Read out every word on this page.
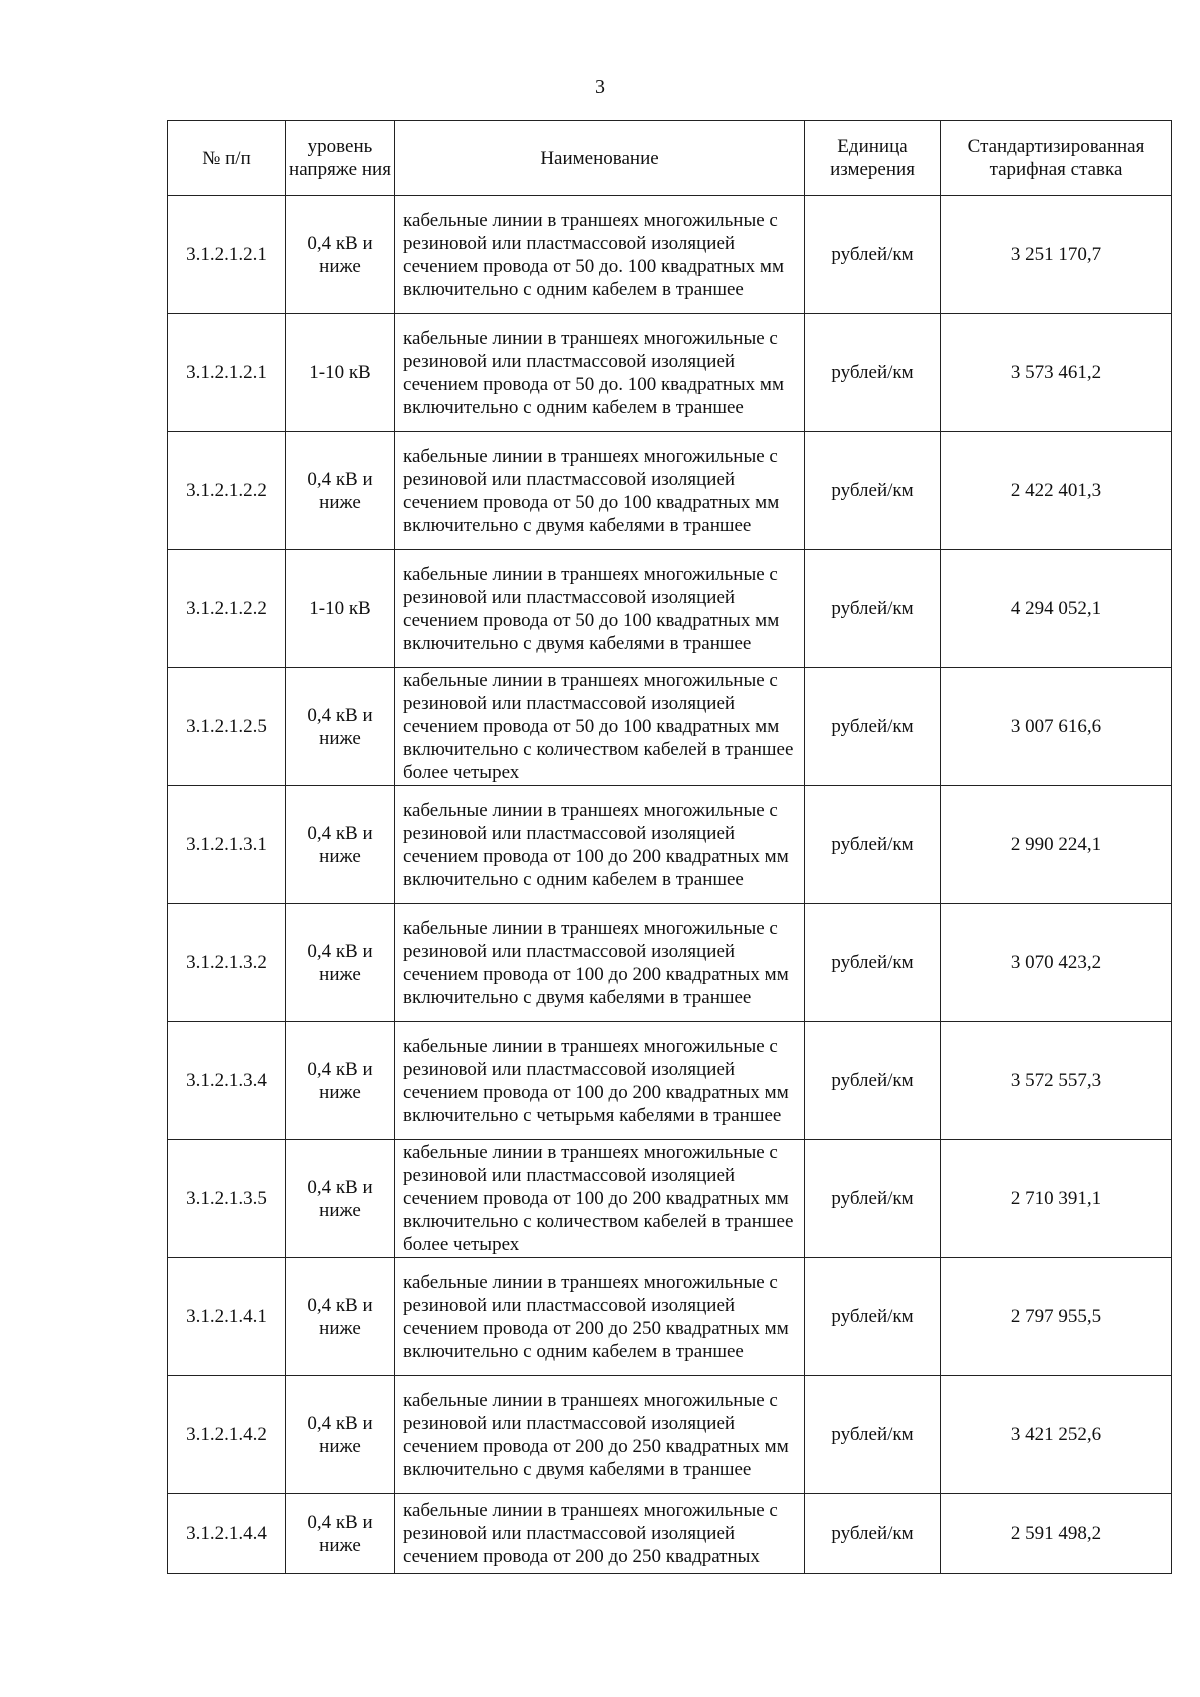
3
№ п/п	уровень напряже ния	Наименование	Единица измерения	Стандартизированная тарифная ставка
3.1.2.1.2.1	0,4 кВ и ниже	кабельные линии в траншеях многожильные с резиновой или пластмассовой изоляцией сечением провода от 50 до. 100 квадратных мм включительно с одним кабелем в траншее	рублей/км	3 251 170,7
3.1.2.1.2.1	1-10 кВ	кабельные линии в траншеях многожильные с резиновой или пластмассовой изоляцией сечением провода от 50 до. 100 квадратных мм включительно с одним кабелем в траншее	рублей/км	3 573 461,2
3.1.2.1.2.2	0,4 кВ и ниже	кабельные линии в траншеях многожильные с резиновой или пластмассовой изоляцией сечением провода от 50 до 100 квадратных мм включительно с двумя кабелями в траншее	рублей/км	2 422 401,3
3.1.2.1.2.2	1-10 кВ	кабельные линии в траншеях многожильные с резиновой или пластмассовой изоляцией сечением провода от 50 до 100 квадратных мм включительно с двумя кабелями в траншее	рублей/км	4 294 052,1
3.1.2.1.2.5	0,4 кВ и ниже	кабельные линии в траншеях многожильные с резиновой или пластмассовой изоляцией сечением провода от 50 до 100 квадратных мм включительно с количеством кабелей в траншее более четырех	рублей/км	3 007 616,6
3.1.2.1.3.1	0,4 кВ и ниже	кабельные линии в траншеях многожильные с резиновой или пластмассовой изоляцией сечением провода от 100 до 200 квадратных мм включительно с одним кабелем в траншее	рублей/км	2 990 224,1
3.1.2.1.3.2	0,4 кВ и ниже	кабельные линии в траншеях многожильные с резиновой или пластмассовой изоляцией сечением провода от 100 до 200 квадратных мм включительно с двумя кабелями в траншее	рублей/км	3 070 423,2
3.1.2.1.3.4	0,4 кВ и ниже	кабельные линии в траншеях многожильные с резиновой или пластмассовой изоляцией сечением провода от 100 до 200 квадратных мм включительно с четырьмя кабелями в траншее	рублей/км	3 572 557,3
3.1.2.1.3.5	0,4 кВ и ниже	кабельные линии в траншеях многожильные с резиновой или пластмассовой изоляцией сечением провода от 100 до 200 квадратных мм включительно с количеством кабелей в траншее более четырех	рублей/км	2 710 391,1
3.1.2.1.4.1	0,4 кВ и ниже	кабельные линии в траншеях многожильные с резиновой или пластмассовой изоляцией сечением провода от 200 до 250 квадратных мм включительно с одним кабелем в траншее	рублей/км	2 797 955,5
3.1.2.1.4.2	0,4 кВ и ниже	кабельные линии в траншеях многожильные с резиновой или пластмассовой изоляцией сечением провода от 200 до 250 квадратных мм включительно с двумя кабелями в траншее	рублей/км	3 421 252,6
3.1.2.1.4.4	0,4 кВ и ниже	кабельные линии в траншеях многожильные с резиновой или пластмассовой изоляцией сечением провода от 200 до 250 квадратных	рублей/км	2 591 498,2
